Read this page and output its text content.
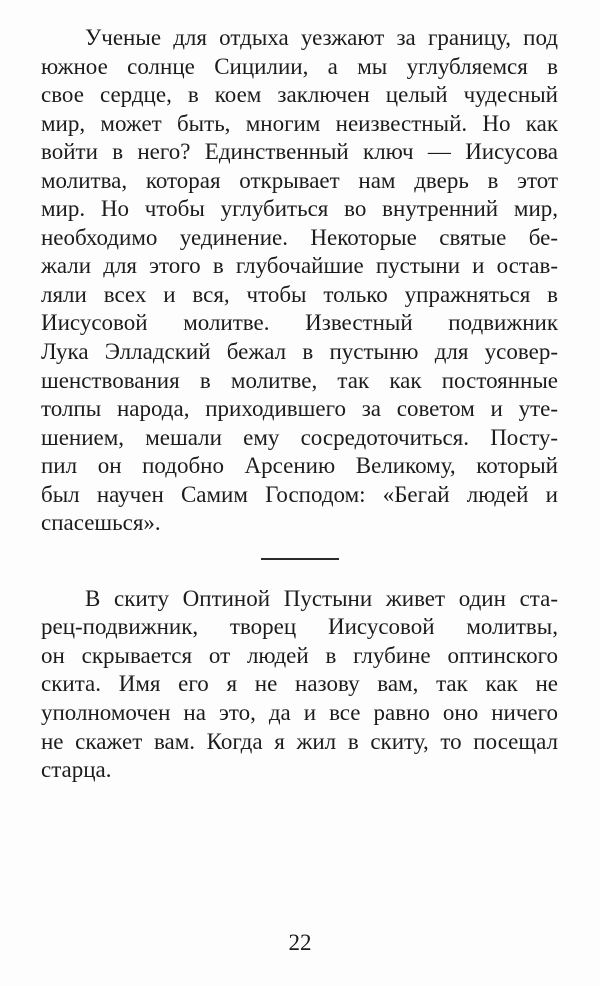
Ученые для отдыха уезжают за границу, под
южное солнце Сицилии, а мы углубляемся в
свое сердце, в коем заключен целый чудесный
мир, может быть, многим неизвестный. Но как
войти в него? Единственный ключ — Иисусова
молитва, которая открывает нам дверь в этот
мир. Но чтобы углубиться во внутренний мир,
необходимо уединение. Некоторые святые бе-
жали для этого в глубочайшие пустыни и остав-
ляли всех и вся, чтобы только упражняться в
Иисусовой молитве. Известный подвижник
Лука Элладский бежал в пустыню для усовер-
шенствования в молитве, так как постоянные
толпы народа, приходившего за советом и уте-
шением, мешали ему сосредоточиться. Посту-
пил он подобно Арсению Великому, который
был научен Самим Господом: «Бегай людей и
спасешься».
В скиту Оптиной Пустыни живет один ста-
рец-подвижник, творец Иисусовой молитвы,
он скрывается от людей в глубине оптинского
скита. Имя его я не назову вам, так как не
уполномочен на это, да и все равно оно ничего
не скажет вам. Когда я жил в скиту, то посещал
старца.
22
